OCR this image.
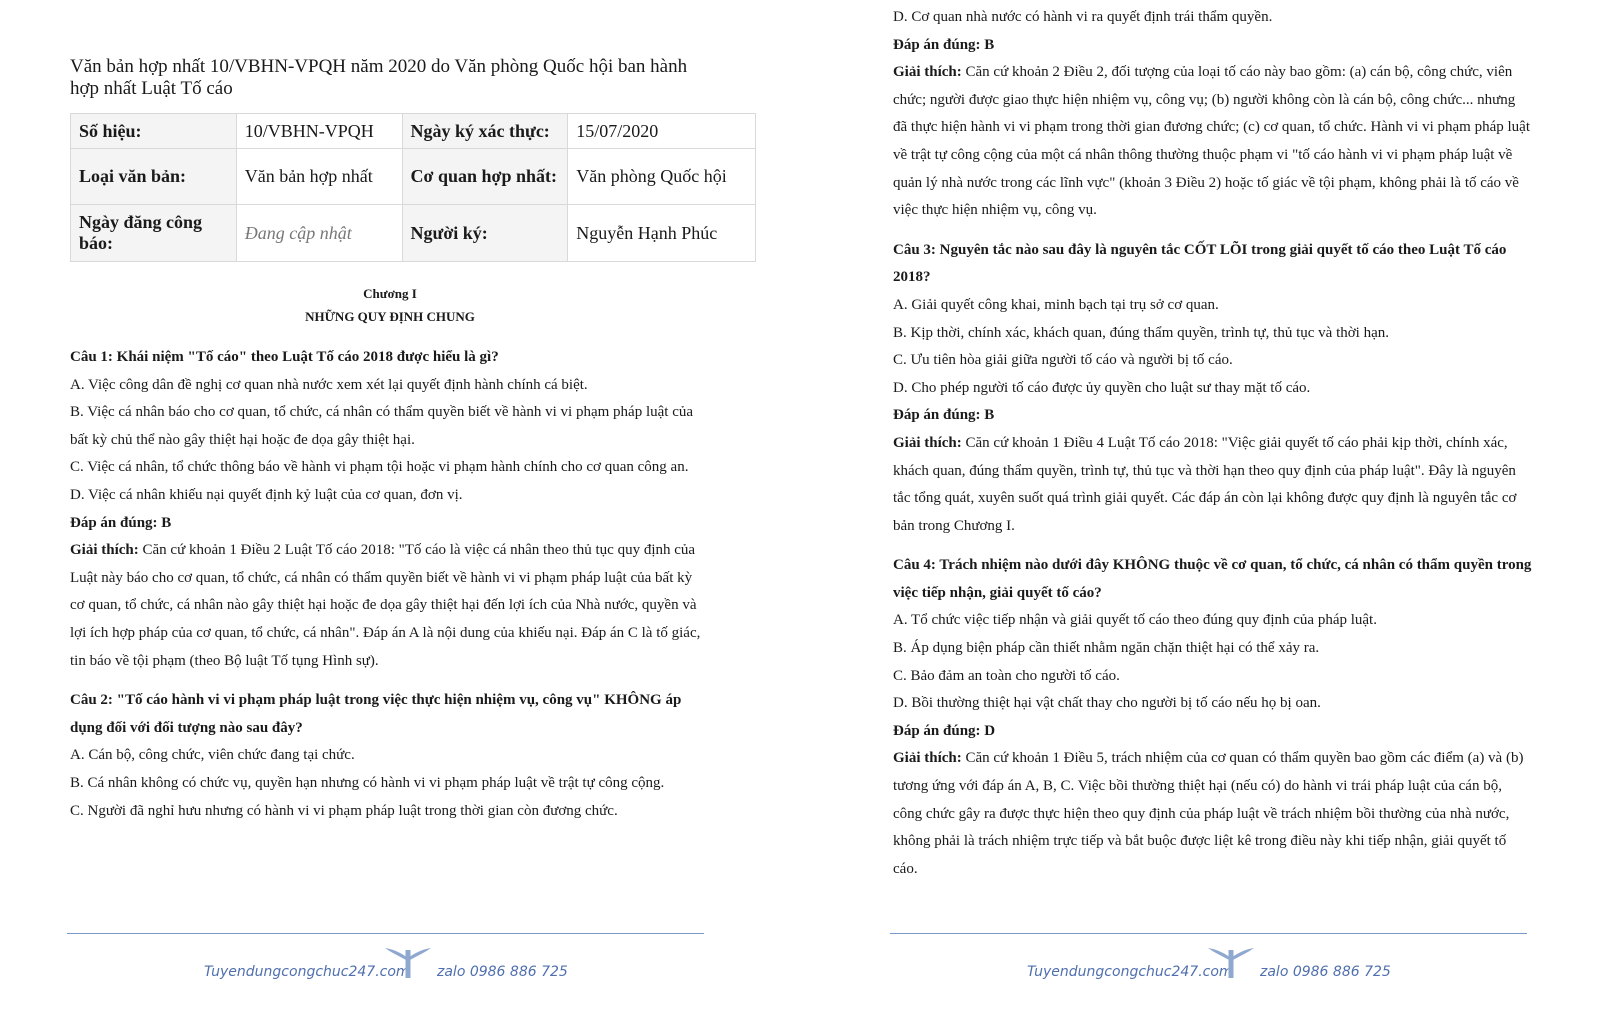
Văn bản hợp nhất 10/VBHN-VPQH năm 2020 do Văn phòng Quốc hội ban hành hợp nhất Luật Tố cáo
Số hiệu:	10/VBHN-VPQH	Ngày ký xác thực:	15/07/2020
Loại văn bản:	Văn bản hợp nhất	Cơ quan hợp nhất:	Văn phòng Quốc hội
Ngày đăng công báo:	Đang cập nhật	Người ký:	Nguyễn Hạnh Phúc
Chương I
NHỮNG QUY ĐỊNH CHUNG

Câu 1: Khái niệm "Tố cáo" theo Luật Tố cáo 2018 được hiểu là gì?

A. Việc công dân đề nghị cơ quan nhà nước xem xét lại quyết định hành chính cá biệt.

B. Việc cá nhân báo cho cơ quan, tổ chức, cá nhân có thẩm quyền biết về hành vi vi phạm pháp luật của bất kỳ chủ thể nào gây thiệt hại hoặc đe dọa gây thiệt hại.

C. Việc cá nhân, tổ chức thông báo về hành vi phạm tội hoặc vi phạm hành chính cho cơ quan công an.

D. Việc cá nhân khiếu nại quyết định kỷ luật của cơ quan, đơn vị.

Đáp án đúng: B

Giải thích: Căn cứ khoản 1 Điều 2 Luật Tố cáo 2018: "Tố cáo là việc cá nhân theo thủ tục quy định của Luật này báo cho cơ quan, tổ chức, cá nhân có thẩm quyền biết về hành vi vi phạm pháp luật của bất kỳ cơ quan, tổ chức, cá nhân nào gây thiệt hại hoặc đe dọa gây thiệt hại đến lợi ích của Nhà nước, quyền và lợi ích hợp pháp của cơ quan, tổ chức, cá nhân". Đáp án A là nội dung của khiếu nại. Đáp án C là tố giác, tin báo về tội phạm (theo Bộ luật Tố tụng Hình sự).

Câu 2: "Tố cáo hành vi vi phạm pháp luật trong việc thực hiện nhiệm vụ, công vụ" KHÔNG áp dụng đối với đối tượng nào sau đây?

A. Cán bộ, công chức, viên chức đang tại chức.

B. Cá nhân không có chức vụ, quyền hạn nhưng có hành vi vi phạm pháp luật về trật tự công cộng.

C. Người đã nghỉ hưu nhưng có hành vi vi phạm pháp luật trong thời gian còn đương chức.

Tuyendungcongchuc247.com zalo 0986 886 725

D. Cơ quan nhà nước có hành vi ra quyết định trái thẩm quyền.

Đáp án đúng: B

Giải thích: Căn cứ khoản 2 Điều 2, đối tượng của loại tố cáo này bao gồm: (a) cán bộ, công chức, viên chức; người được giao thực hiện nhiệm vụ, công vụ; (b) người không còn là cán bộ, công chức... nhưng đã thực hiện hành vi vi phạm trong thời gian đương chức; (c) cơ quan, tổ chức. Hành vi vi phạm pháp luật về trật tự công cộng của một cá nhân thông thường thuộc phạm vi "tố cáo hành vi vi phạm pháp luật về quản lý nhà nước trong các lĩnh vực" (khoản 3 Điều 2) hoặc tố giác về tội phạm, không phải là tố cáo về việc thực hiện nhiệm vụ, công vụ.

Câu 3: Nguyên tắc nào sau đây là nguyên tắc CỐT LÕI trong giải quyết tố cáo theo Luật Tố cáo 2018?

A. Giải quyết công khai, minh bạch tại trụ sở cơ quan.

B. Kịp thời, chính xác, khách quan, đúng thẩm quyền, trình tự, thủ tục và thời hạn.

C. Ưu tiên hòa giải giữa người tố cáo và người bị tố cáo.

D. Cho phép người tố cáo được ủy quyền cho luật sư thay mặt tố cáo.

Đáp án đúng: B

Giải thích: Căn cứ khoản 1 Điều 4 Luật Tố cáo 2018: "Việc giải quyết tố cáo phải kịp thời, chính xác, khách quan, đúng thẩm quyền, trình tự, thủ tục và thời hạn theo quy định của pháp luật". Đây là nguyên tắc tổng quát, xuyên suốt quá trình giải quyết. Các đáp án còn lại không được quy định là nguyên tắc cơ bản trong Chương I.

Câu 4: Trách nhiệm nào dưới đây KHÔNG thuộc về cơ quan, tổ chức, cá nhân có thẩm quyền trong việc tiếp nhận, giải quyết tố cáo?

A. Tổ chức việc tiếp nhận và giải quyết tố cáo theo đúng quy định của pháp luật.

B. Áp dụng biện pháp cần thiết nhằm ngăn chặn thiệt hại có thể xảy ra.

C. Bảo đảm an toàn cho người tố cáo.

D. Bồi thường thiệt hại vật chất thay cho người bị tố cáo nếu họ bị oan.

Đáp án đúng: D

Giải thích: Căn cứ khoản 1 Điều 5, trách nhiệm của cơ quan có thẩm quyền bao gồm các điểm (a) và (b) tương ứng với đáp án A, B, C. Việc bồi thường thiệt hại (nếu có) do hành vi trái pháp luật của cán bộ, công chức gây ra được thực hiện theo quy định của pháp luật về trách nhiệm bồi thường của nhà nước, không phải là trách nhiệm trực tiếp và bắt buộc được liệt kê trong điều này khi tiếp nhận, giải quyết tố cáo.

Tuyendungcongchuc247.com zalo 0986 886 725
